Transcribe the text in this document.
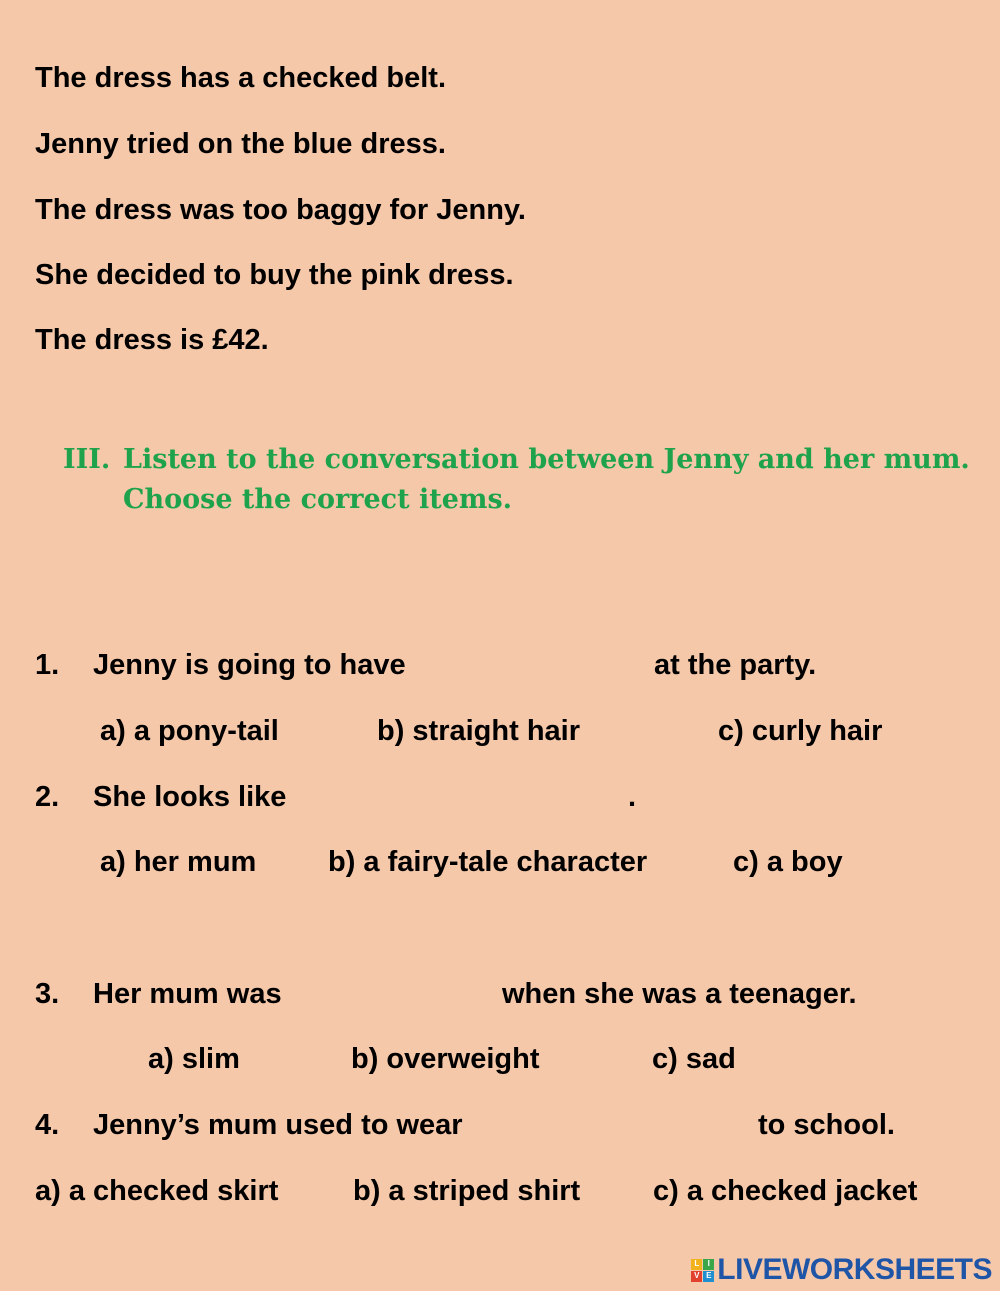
The dress has a checked belt.
Jenny tried on the blue dress.
The dress was too baggy for Jenny.
She decided to buy the pink dress.
The dress is £42.
III. Listen to the conversation between Jenny and her mum.
Choose the correct items.
1. Jenny is going to have	at the party.
a) a pony-tail	b) straight hair	c) curly hair
2. She looks like	.
a) her mum b) a fairy-tale character	c) a boy
3. Her mum was	when she was a teenager.
a) slim	b) overweight	c) sad
4. Jenny’s mum used to wear	to school.
a) a checked skirt	b) a striped shirt	c) a checked jacket
L	I
V E LIVEWORKSHEETS
